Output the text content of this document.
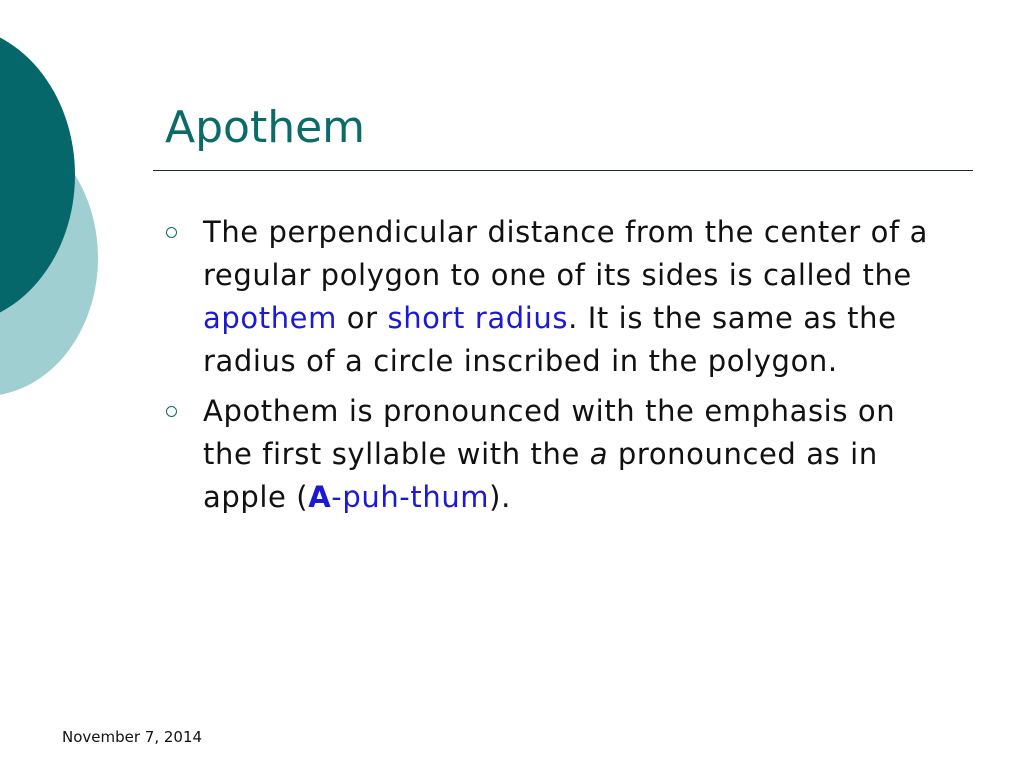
Apothem
The perpendicular distance from the center of a regular polygon to one of its sides is called the apothem or short radius. It is the same as the radius of a circle inscribed in the polygon.
Apothem is pronounced with the emphasis on the first syllable with the a pronounced as in apple (A-puh-thum).
November 7, 2014
